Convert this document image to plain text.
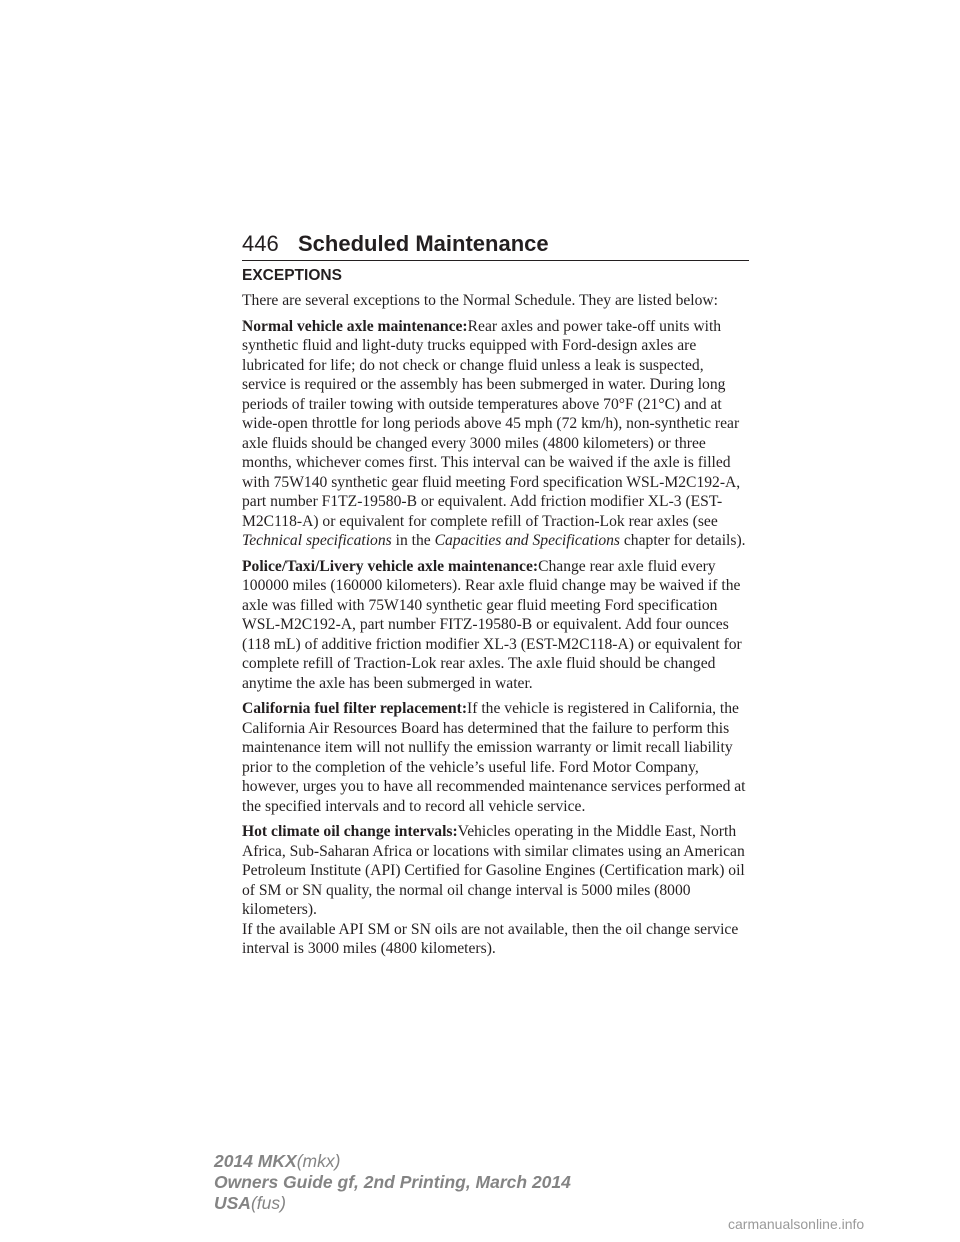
446 Scheduled Maintenance
EXCEPTIONS

There are several exceptions to the Normal Schedule. They are listed below:

Normal vehicle axle maintenance:Rear axles and power take-off units with synthetic fluid and light-duty trucks equipped with Ford-design axles are lubricated for life; do not check or change fluid unless a leak is suspected, service is required or the assembly has been submerged in water. During long periods of trailer towing with outside temperatures above 70°F (21°C) and at wide-open throttle for long periods above 45 mph (72 km/h), non-synthetic rear axle fluids should be changed every 3000 miles (4800 kilometers) or three months, whichever comes first. This interval can be waived if the axle is filled with 75W140 synthetic gear fluid meeting Ford specification WSL-M2C192-A, part number F1TZ-19580-B or equivalent. Add friction modifier XL-3 (EST-M2C118-A) or equivalent for complete refill of Traction-Lok rear axles (see Technical specifications in the Capacities and Specifications chapter for details).

Police/Taxi/Livery vehicle axle maintenance:Change rear axle fluid every 100000 miles (160000 kilometers). Rear axle fluid change may be waived if the axle was filled with 75W140 synthetic gear fluid meeting Ford specification WSL-M2C192-A, part number FITZ-19580-B or equivalent. Add four ounces (118 mL) of additive friction modifier XL-3 (EST-M2C118-A) or equivalent for complete refill of Traction-Lok rear axles. The axle fluid should be changed anytime the axle has been submerged in water.

California fuel filter replacement:If the vehicle is registered in California, the California Air Resources Board has determined that the failure to perform this maintenance item will not nullify the emission warranty or limit recall liability prior to the completion of the vehicle’s useful life. Ford Motor Company, however, urges you to have all recommended maintenance services performed at the specified intervals and to record all vehicle service.

Hot climate oil change intervals:Vehicles operating in the Middle East, North Africa, Sub-Saharan Africa or locations with similar climates using an American Petroleum Institute (API) Certified for Gasoline Engines (Certification mark) oil of SM or SN quality, the normal oil change interval is 5000 miles (8000 kilometers).

If the available API SM or SN oils are not available, then the oil change service interval is 3000 miles (4800 kilometers).

2014 MKX(mkx)
Owners Guide gf, 2nd Printing, March 2014
USA(fus)
carmanualsonline.info
